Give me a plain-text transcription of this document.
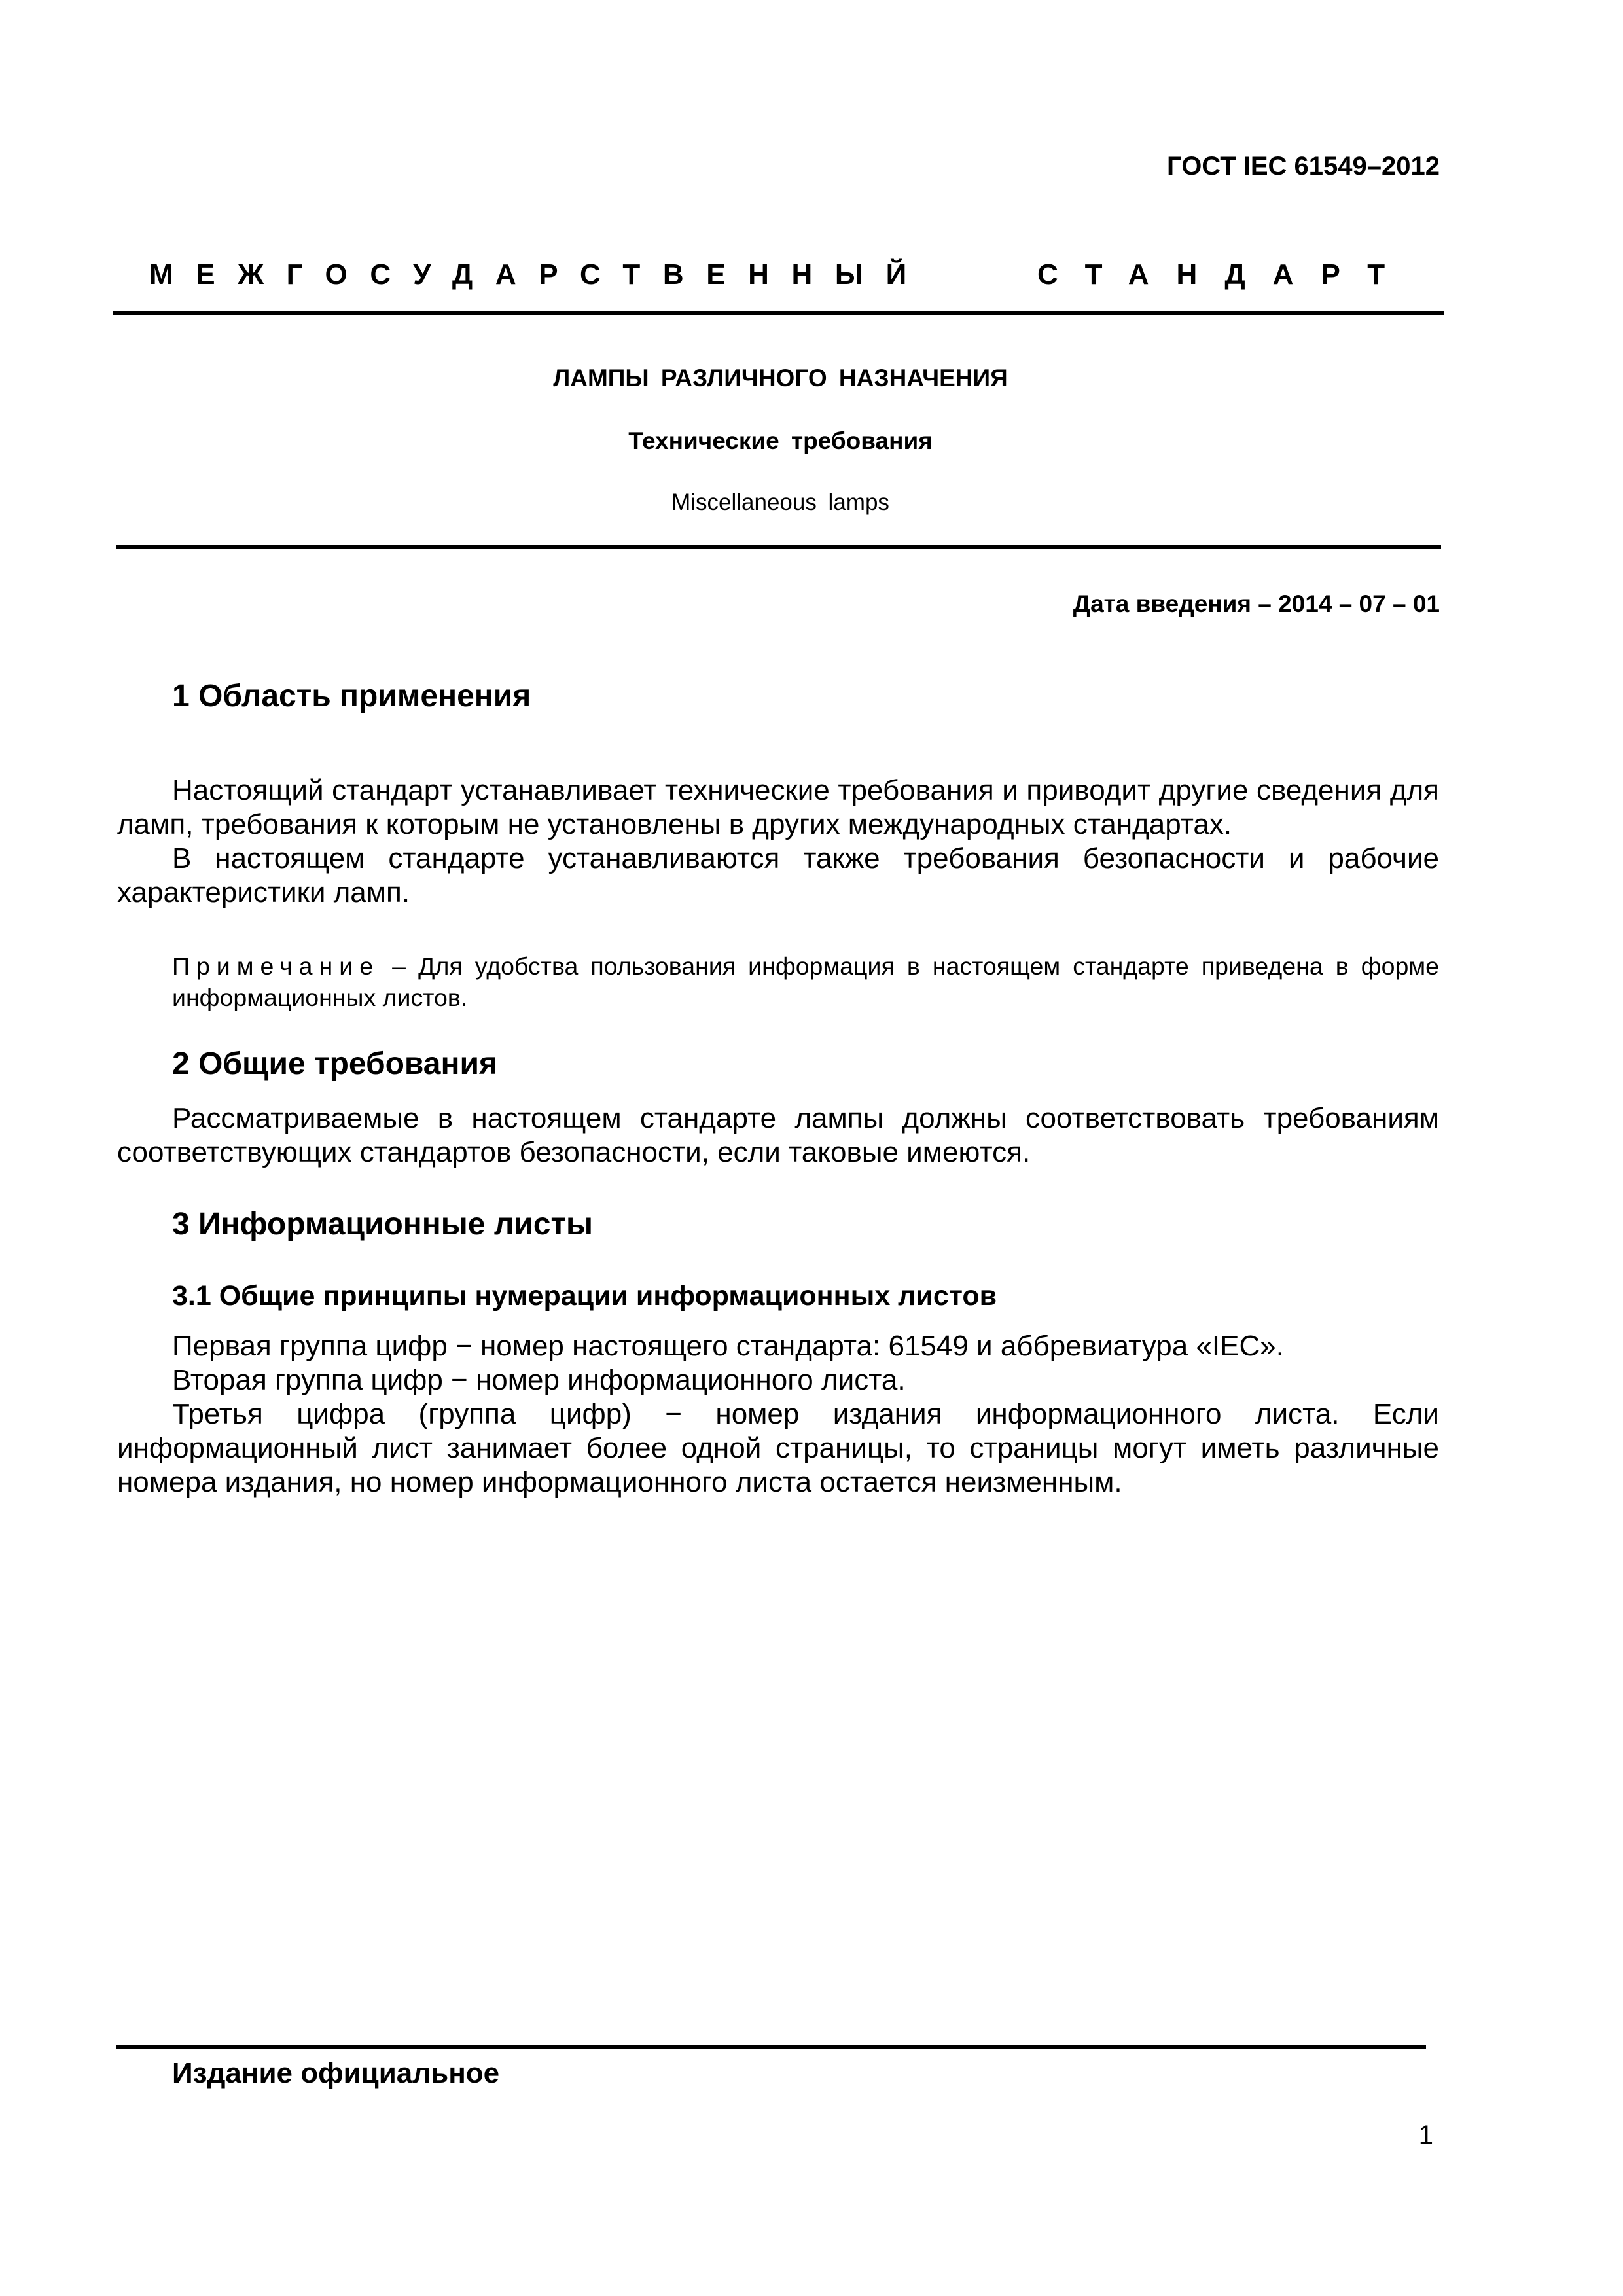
ГОСТ IEC 61549–2012
МЕЖГОСУДАРСТВЕННЫЙ	СТАНДАРТ
ЛАМПЫ РАЗЛИЧНОГО НАЗНАЧЕНИЯ
Технические требования
Miscellaneous lamps
Дата введения – 2014 – 07 – 01
1 Область применения

Настоящий стандарт устанавливает технические требования и приводит другие сведения для ламп, требования к которым не установлены в других международных стандартах.

В настоящем стандарте устанавливаются также требования безопасности и рабочие характеристики ламп.

Примечание – Для удобства пользования информация в настоящем стандарте приведена в форме информационных листов.

2 Общие требования

Рассматриваемые в настоящем стандарте лампы должны соответствовать требованиям соответствующих стандартов безопасности, если таковые имеются.

3 Информационные листы
3.1 Общие принципы нумерации информационных листов

Первая группа цифр − номер настоящего стандарта: 61549 и аббревиатура «IEC».

Вторая группа цифр − номер информационного листа.

Третья цифра (группа цифр) − номер издания информационного листа. Если информационный лист занимает более одной страницы, то страницы могут иметь различные номера издания, но номер информационного листа остается неизменным.

Издание официальное
1
